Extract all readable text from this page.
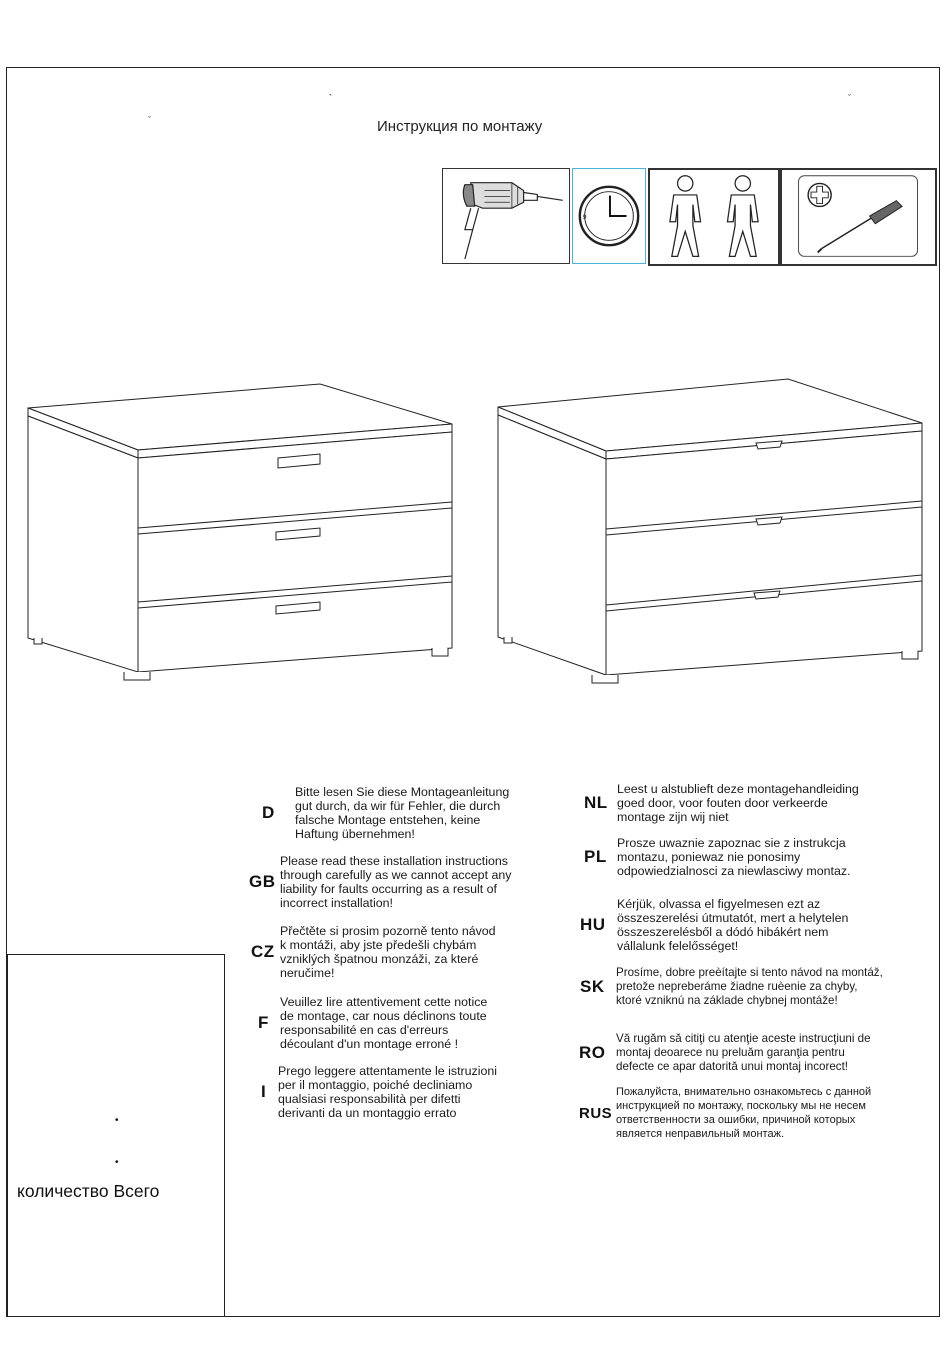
`	ˇ
ˇ	Инструкция по монтажу
9
D
Bitte lesen Sie diese Montageanleitung
gut durch, da wir für Fehler, die durch
falsche Montage entstehen, keine
Haftung übernehmen!
GB
Please read these installation instructions
through carefully as we cannot accept any
liability for faults occurring as a result of
incorrect installation!
CZ
Přečtěte si prosim pozorně tento návod
k montáži, aby jste předešli chybám
vzniklých špatnou monzáži, za které
neručime!
F
Veuillez lire attentivement cette notice
de montage, car nous déclinons toute
responsabilité en cas d'erreurs
découlant d'un montage erroné !
I
Prego leggere attentamente le istruzioni
per il montaggio, poiché decliniamo
qualsiasi responsabilità per difetti
derivanti da un montaggio errato
NL
Leest u alstublieft deze montagehandleiding
goed door, voor fouten door verkeerde
montage zijn wij niet
PL
Prosze uwaznie zapoznac sie z instrukcja
montazu, poniewaz nie ponosimy
odpowiedzialnosci za niewlasciwy montaz.
HU
Kérjük, olvassa el figyelmesen ezt az
összeszerelési útmutatót, mert a helytelen
összeszerelésből a dódó hibákért nem
vállalunk felelősséget!
SK
Prosíme, dobre preèítajte si tento návod na montáž,
pretože nepreberáme žiadne ruèenie za chyby,
ktoré vzniknú na základe chybnej montáže!
RO
Vă rugăm să citiţi cu atenţie aceste instrucţiuni de
montaj deoarece nu preluăm garanţia pentru
defecte ce apar datorită unui montaj incorect!
RUS
Пожалуйста, внимательно ознакомьтесь с данной
инструкцией по монтажу, поскольку мы не несем
ответственности за ошибки, причиной которых
является неправильный монтаж.
•
•
количество Всего
